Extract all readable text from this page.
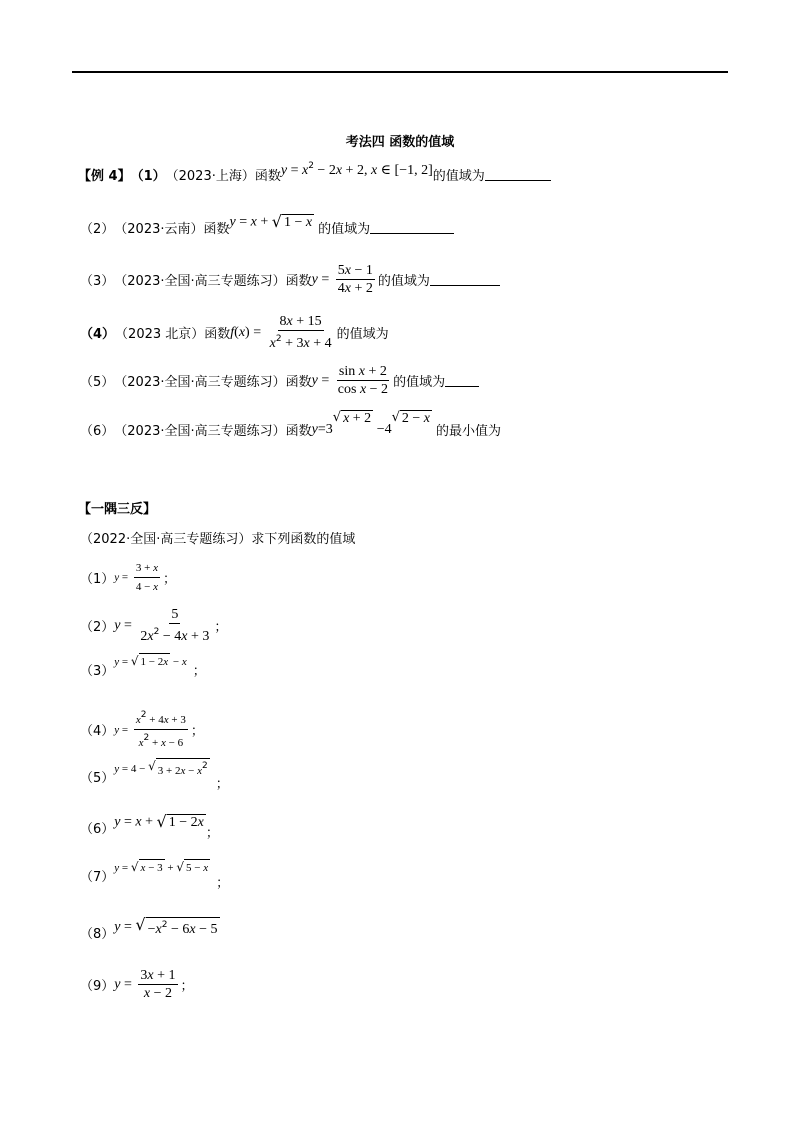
考法四 函数的值域
【例 4】 （1） （2023·上海）函数 $y = x^2 - 2x + 2$, x ∈ [−1, 2] 的值域为
（2） （2023·云南）函数 y = x + √ 1 − x 的值域为
（3） （2023·全国·高三专题练习）函数 $y = \frac{5x - 1}{4x + 2}$ 的值域为
（4） （2023 北京）函数 $f(x) = \frac{8x + 15}{x^2 + 3x + 4}$ 的值域为
（5） （2023·全国·高三专题练习）函数 $y = \frac{\text{sin x + 2}}{\text{cos x − 2}}$ 的值域为
（6） （2023·全国·高三专题练习）函数 y=3
$^{√ x + 2}$
−4
$^{√ 2 - x}$
的最小值为
【一隅三反】
（2022·全国·高三专题练习）求下列函数的值域
（1） $y = \frac{3 + x}{4 - x}$ ；
（2） $y = \frac{5}{2x^2 - 4x + 3}$ ；
（3）
y = √ 1 − 2x − x
；
（4） $y = \frac{x^2 + 4x + 3}{x^2 + x - 6}$ ；
（5）
y = 4 − √ $3 + 2x - x^2$
；
（6） y = x + √ 1 − 2x
；
（7）
y = √ x − 3 + √ 5 − x
；
（8） y = √ $-x^2 - 6x - 5$
（9） $y = \frac{3x + 1}{x - 2}$ ；
